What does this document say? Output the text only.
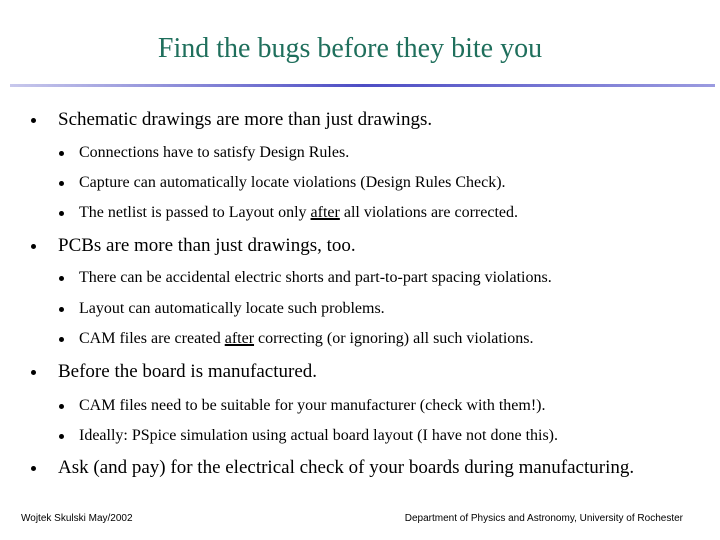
Find the bugs before they bite you
Schematic drawings are more than just drawings.
Connections have to satisfy Design Rules.
Capture can automatically locate violations (Design Rules Check).
The netlist is passed to Layout only after all violations are corrected.
PCBs are more than just drawings, too.
There can be accidental electric shorts and part-to-part spacing violations.
Layout can automatically locate such problems.
CAM files are created after correcting (or ignoring) all such violations.
Before the board is manufactured.
CAM files need to be suitable for your manufacturer (check with them!).
Ideally: PSpice simulation using actual board layout (I have not done this).
Ask (and pay) for the electrical check of your boards during manufacturing.
Wojtek Skulski May/2002	Department of Physics and Astronomy, University of Rochester
